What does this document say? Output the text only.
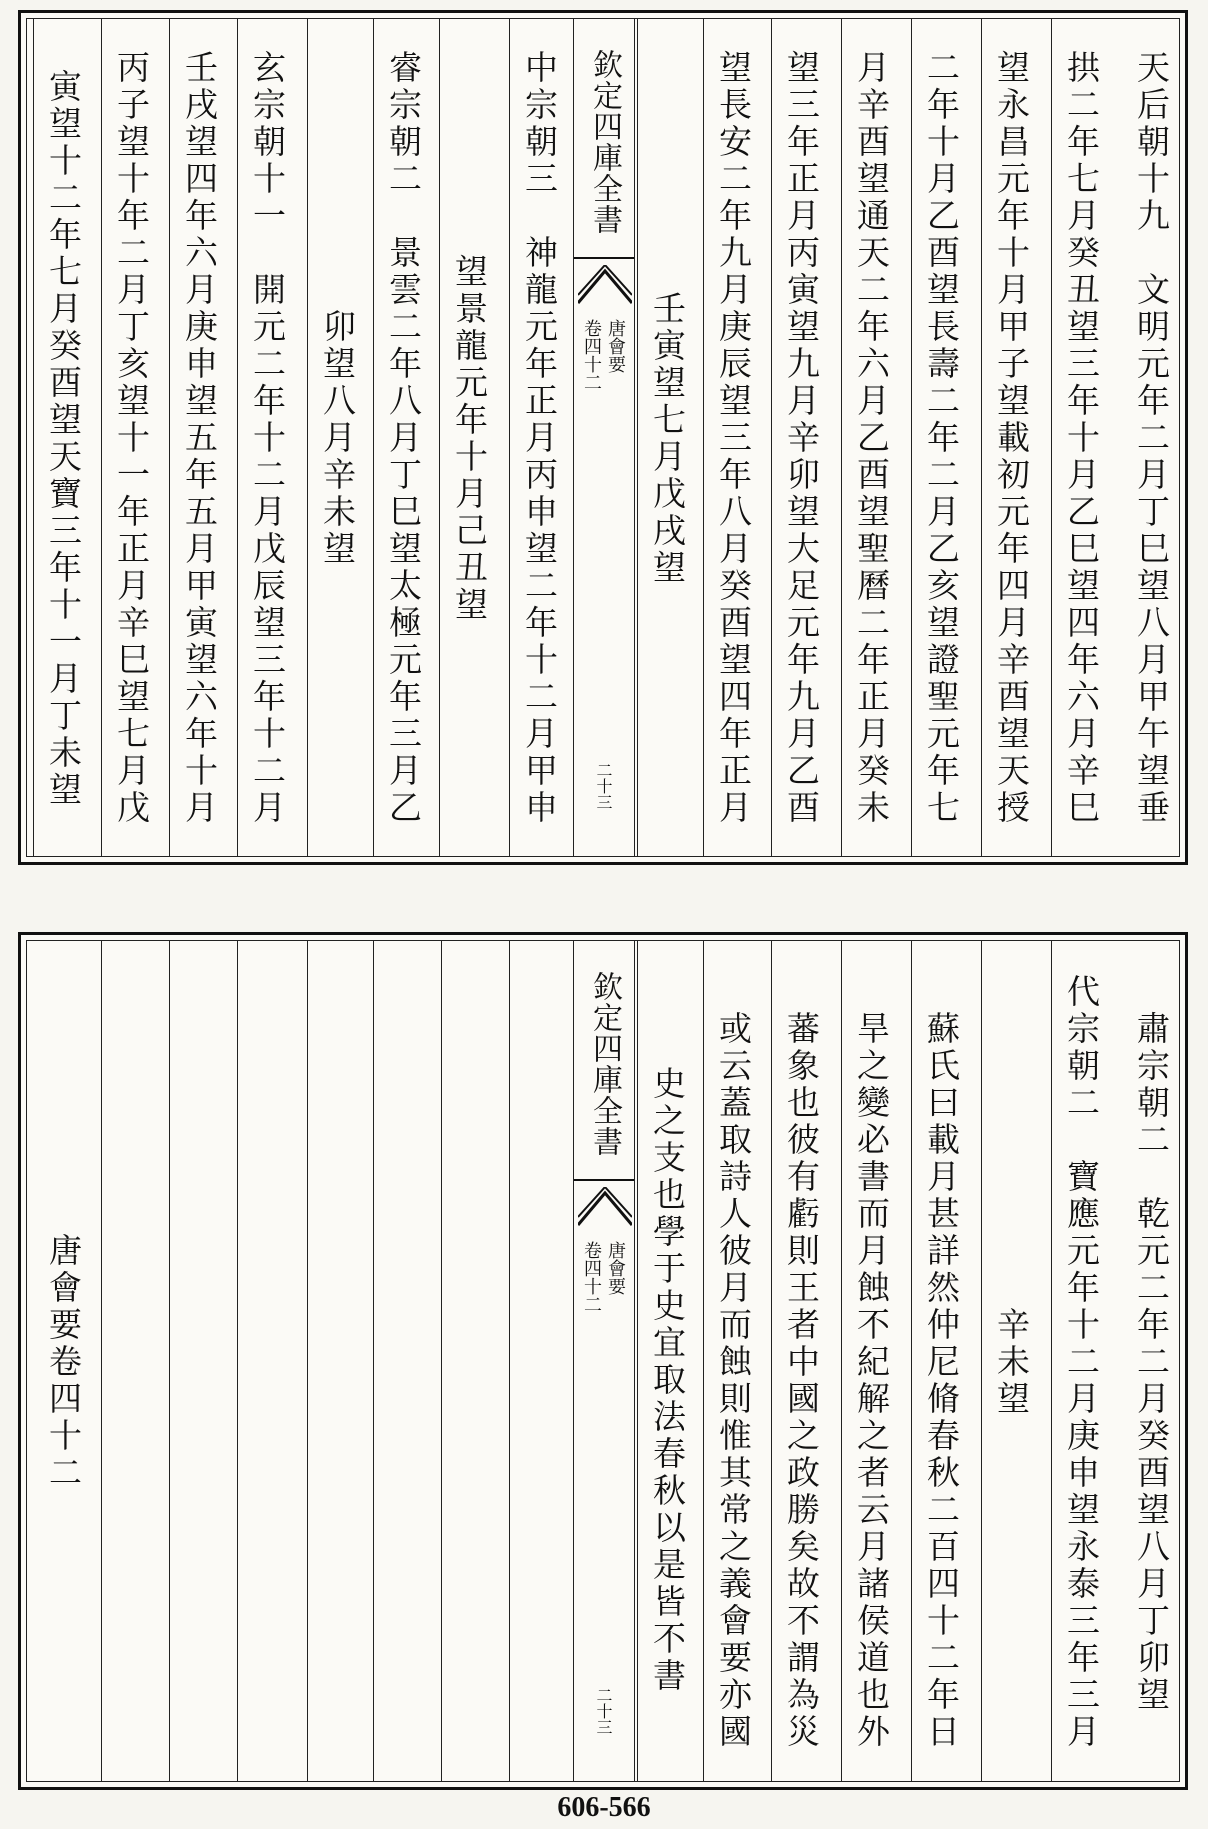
天后朝十九　文明元年二月丁巳望八月甲午望垂
拱二年七月癸丑望三年十月乙巳望四年六月辛巳
望永昌元年十月甲子望載初元年四月辛酉望天授
二年十月乙酉望長壽二年二月乙亥望證聖元年七
月辛酉望通天二年六月乙酉望聖曆二年正月癸未
望三年正月丙寅望九月辛卯望大足元年九月乙酉
望長安二年九月庚辰望三年八月癸酉望四年正月
壬寅望七月戊戌望
欽定四庫全書
唐會要
卷四十二
二十三
中宗朝三　神龍元年正月丙申望二年十二月甲申
望景龍元年十月己丑望
睿宗朝二　景雲二年八月丁巳望太極元年三月乙
卯望八月辛未望
玄宗朝十一　開元二年十二月戊辰望三年十二月
壬戌望四年六月庚申望五年五月甲寅望六年十月
丙子望十年二月丁亥望十一年正月辛巳望七月戊
寅望十二年七月癸酉望天寶三年十一月丁未望
肅宗朝二　乾元二年二月癸酉望八月丁卯望
代宗朝二　寶應元年十二月庚申望永泰三年三月
辛未望
　蘇氏曰載月甚詳然仲尼脩春秋二百四十二年日
　旱之變必書而月蝕不紀解之者云月諸侯道也外
　蕃象也彼有虧則王者中國之政勝矣故不謂為災
　或云蓋取詩人彼月而蝕則惟其常之義會要亦國
　史之支也學于史宜取法春秋以是皆不書
欽定四庫全書
唐會要
卷四十二
二十三
唐會要卷四十二
606-566
